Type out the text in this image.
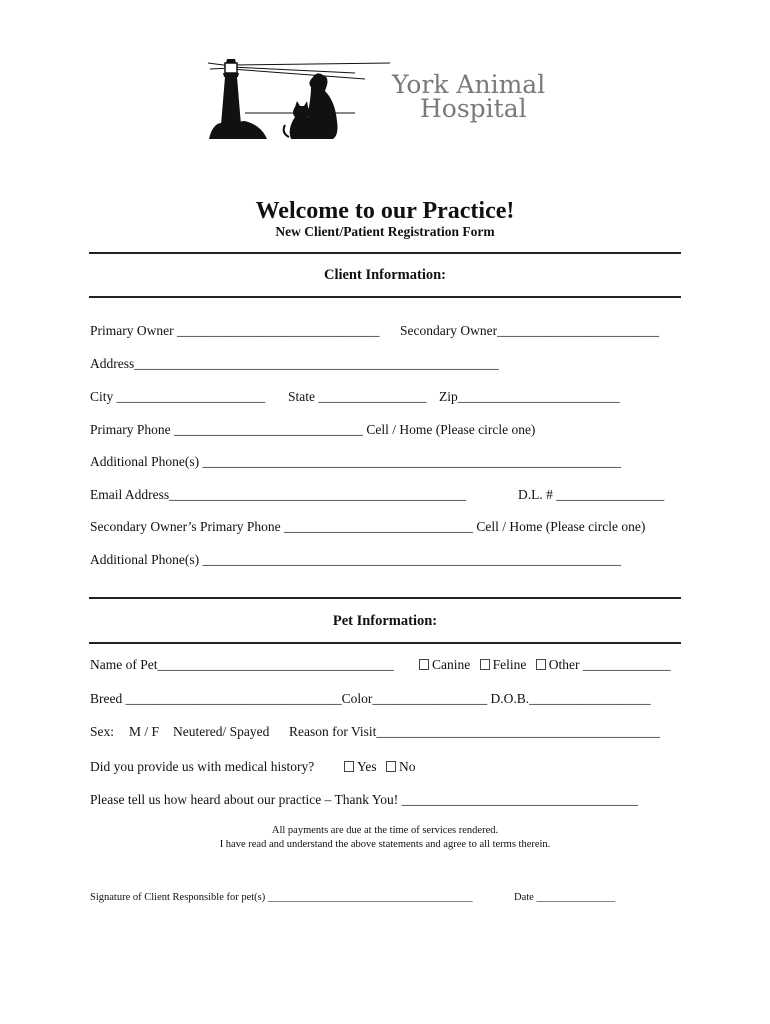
York Animal
Hospital
Welcome to our Practice!
New Client/Patient Registration Form
Client Information:
Primary Owner ______________________________ Secondary Owner________________________
Address______________________________________________________
City ______________________ State ________________ Zip________________________
Primary Phone ____________________________ Cell / Home (Please circle one)
Additional Phone(s) ______________________________________________________________
Email Address____________________________________________	D.L. # ________________
Secondary Owner’s Primary Phone ____________________________ Cell / Home (Please circle one)
Additional Phone(s) ______________________________________________________________
Pet Information:
Name of Pet___________________________________	Canine Feline Other _____________
Breed ________________________________Color_________________ D.O.B.__________________
Sex: M / F Neutered/ Spayed Reason for Visit__________________________________________
Did you provide us with medical history?	Yes No
Please tell us how heard about our practice – Thank You! ___________________________________
All payments are due at the time of services rendered.
I have read and understand the above statements and agree to all terms therein.
Signature of Client Responsible for pet(s) _______________________________________	Date _______________
